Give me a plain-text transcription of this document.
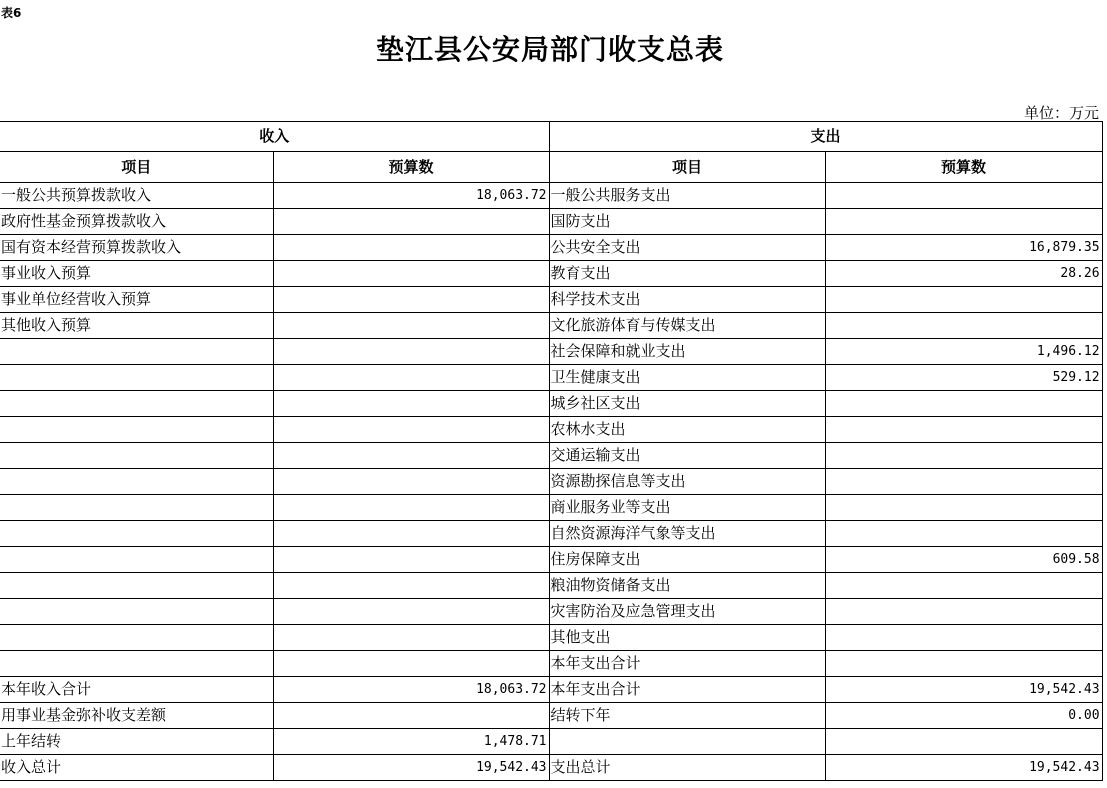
表6
垫江县公安局部门收支总表
单位：万元
收入		支出	
项目	预算数	项目	预算数
一般公共预算拨款收入	18,063.72	一般公共服务支出	
政府性基金预算拨款收入		国防支出	
国有资本经营预算拨款收入		公共安全支出	16,879.35
事业收入预算		教育支出	28.26
事业单位经营收入预算		科学技术支出	
其他收入预算		文化旅游体育与传媒支出	
		社会保障和就业支出	1,496.12
		卫生健康支出	529.12
		城乡社区支出	
		农林水支出	
		交通运输支出	
		资源勘探信息等支出	
		商业服务业等支出	
		自然资源海洋气象等支出	
		住房保障支出	609.58
		粮油物资储备支出	
		灾害防治及应急管理支出	
		其他支出	
		本年支出合计	
本年收入合计	18,063.72	本年支出合计	19,542.43
用事业基金弥补收支差额		结转下年	0.00
上年结转	1,478.71		
收入总计	19,542.43	支出总计	19,542.43
